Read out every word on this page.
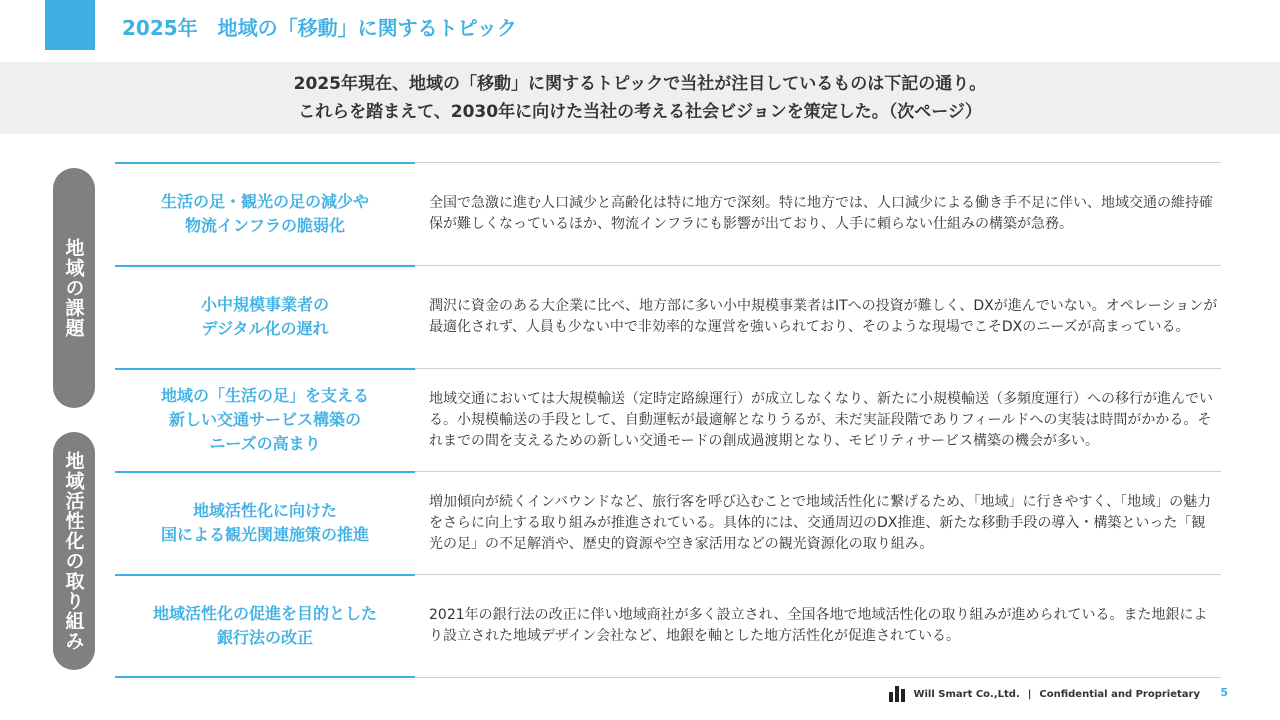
2025年　地域の「移動」に関するトピック
2025年現在、地域の「移動」に関するトピックで当社が注目しているものは下記の通り。
これらを踏まえて、2030年に向けた当社の考える社会ビジョンを策定した。（次ページ）
地域の課題
地域活性化の取り組み
生活の足・観光の足の減少や
物流インフラの脆弱化
全国で急激に進む人口減少と高齢化は特に地方で深刻。特に地方では、人口減少による働き手不足に伴い、地域交通の維持確保が難しくなっているほか、物流インフラにも影響が出ており、人手に頼らない仕組みの構築が急務。
小中規模事業者の
デジタル化の遅れ
潤沢に資金のある大企業に比べ、地方部に多い小中規模事業者はITへの投資が難しく、DXが進んでいない。オペレーションが最適化されず、人員も少ない中で非効率的な運営を強いられており、そのような現場でこそDXのニーズが高まっている。
地域の「生活の足」を支える
新しい交通サービス構築の
ニーズの高まり
地域交通においては大規模輸送（定時定路線運行）が成立しなくなり、新たに小規模輸送（多頻度運行）への移行が進んでいる。小規模輸送の手段として、自動運転が最適解となりうるが、未だ実証段階でありフィールドへの実装は時間がかかる。それまでの間を支えるための新しい交通モードの創成過渡期となり、モビリティサービス構築の機会が多い。
地域活性化に向けた
国による観光関連施策の推進
増加傾向が続くインバウンドなど、旅行客を呼び込むことで地域活性化に繋げるため、「地域」に行きやすく、「地域」の魅力をさらに向上する取り組みが推進されている。具体的には、交通周辺のDX推進、新たな移動手段の導入・構築といった「観光の足」の不足解消や、歴史的資源や空き家活用などの観光資源化の取り組み。
地域活性化の促進を目的とした
銀行法の改正
2021年の銀行法の改正に伴い地域商社が多く設立され、全国各地で地域活性化の取り組みが進められている。また地銀により設立された地域デザイン会社など、地銀を軸とした地方活性化が促進されている。
Will Smart Co.,Ltd. | Confidential and Proprietary 5
